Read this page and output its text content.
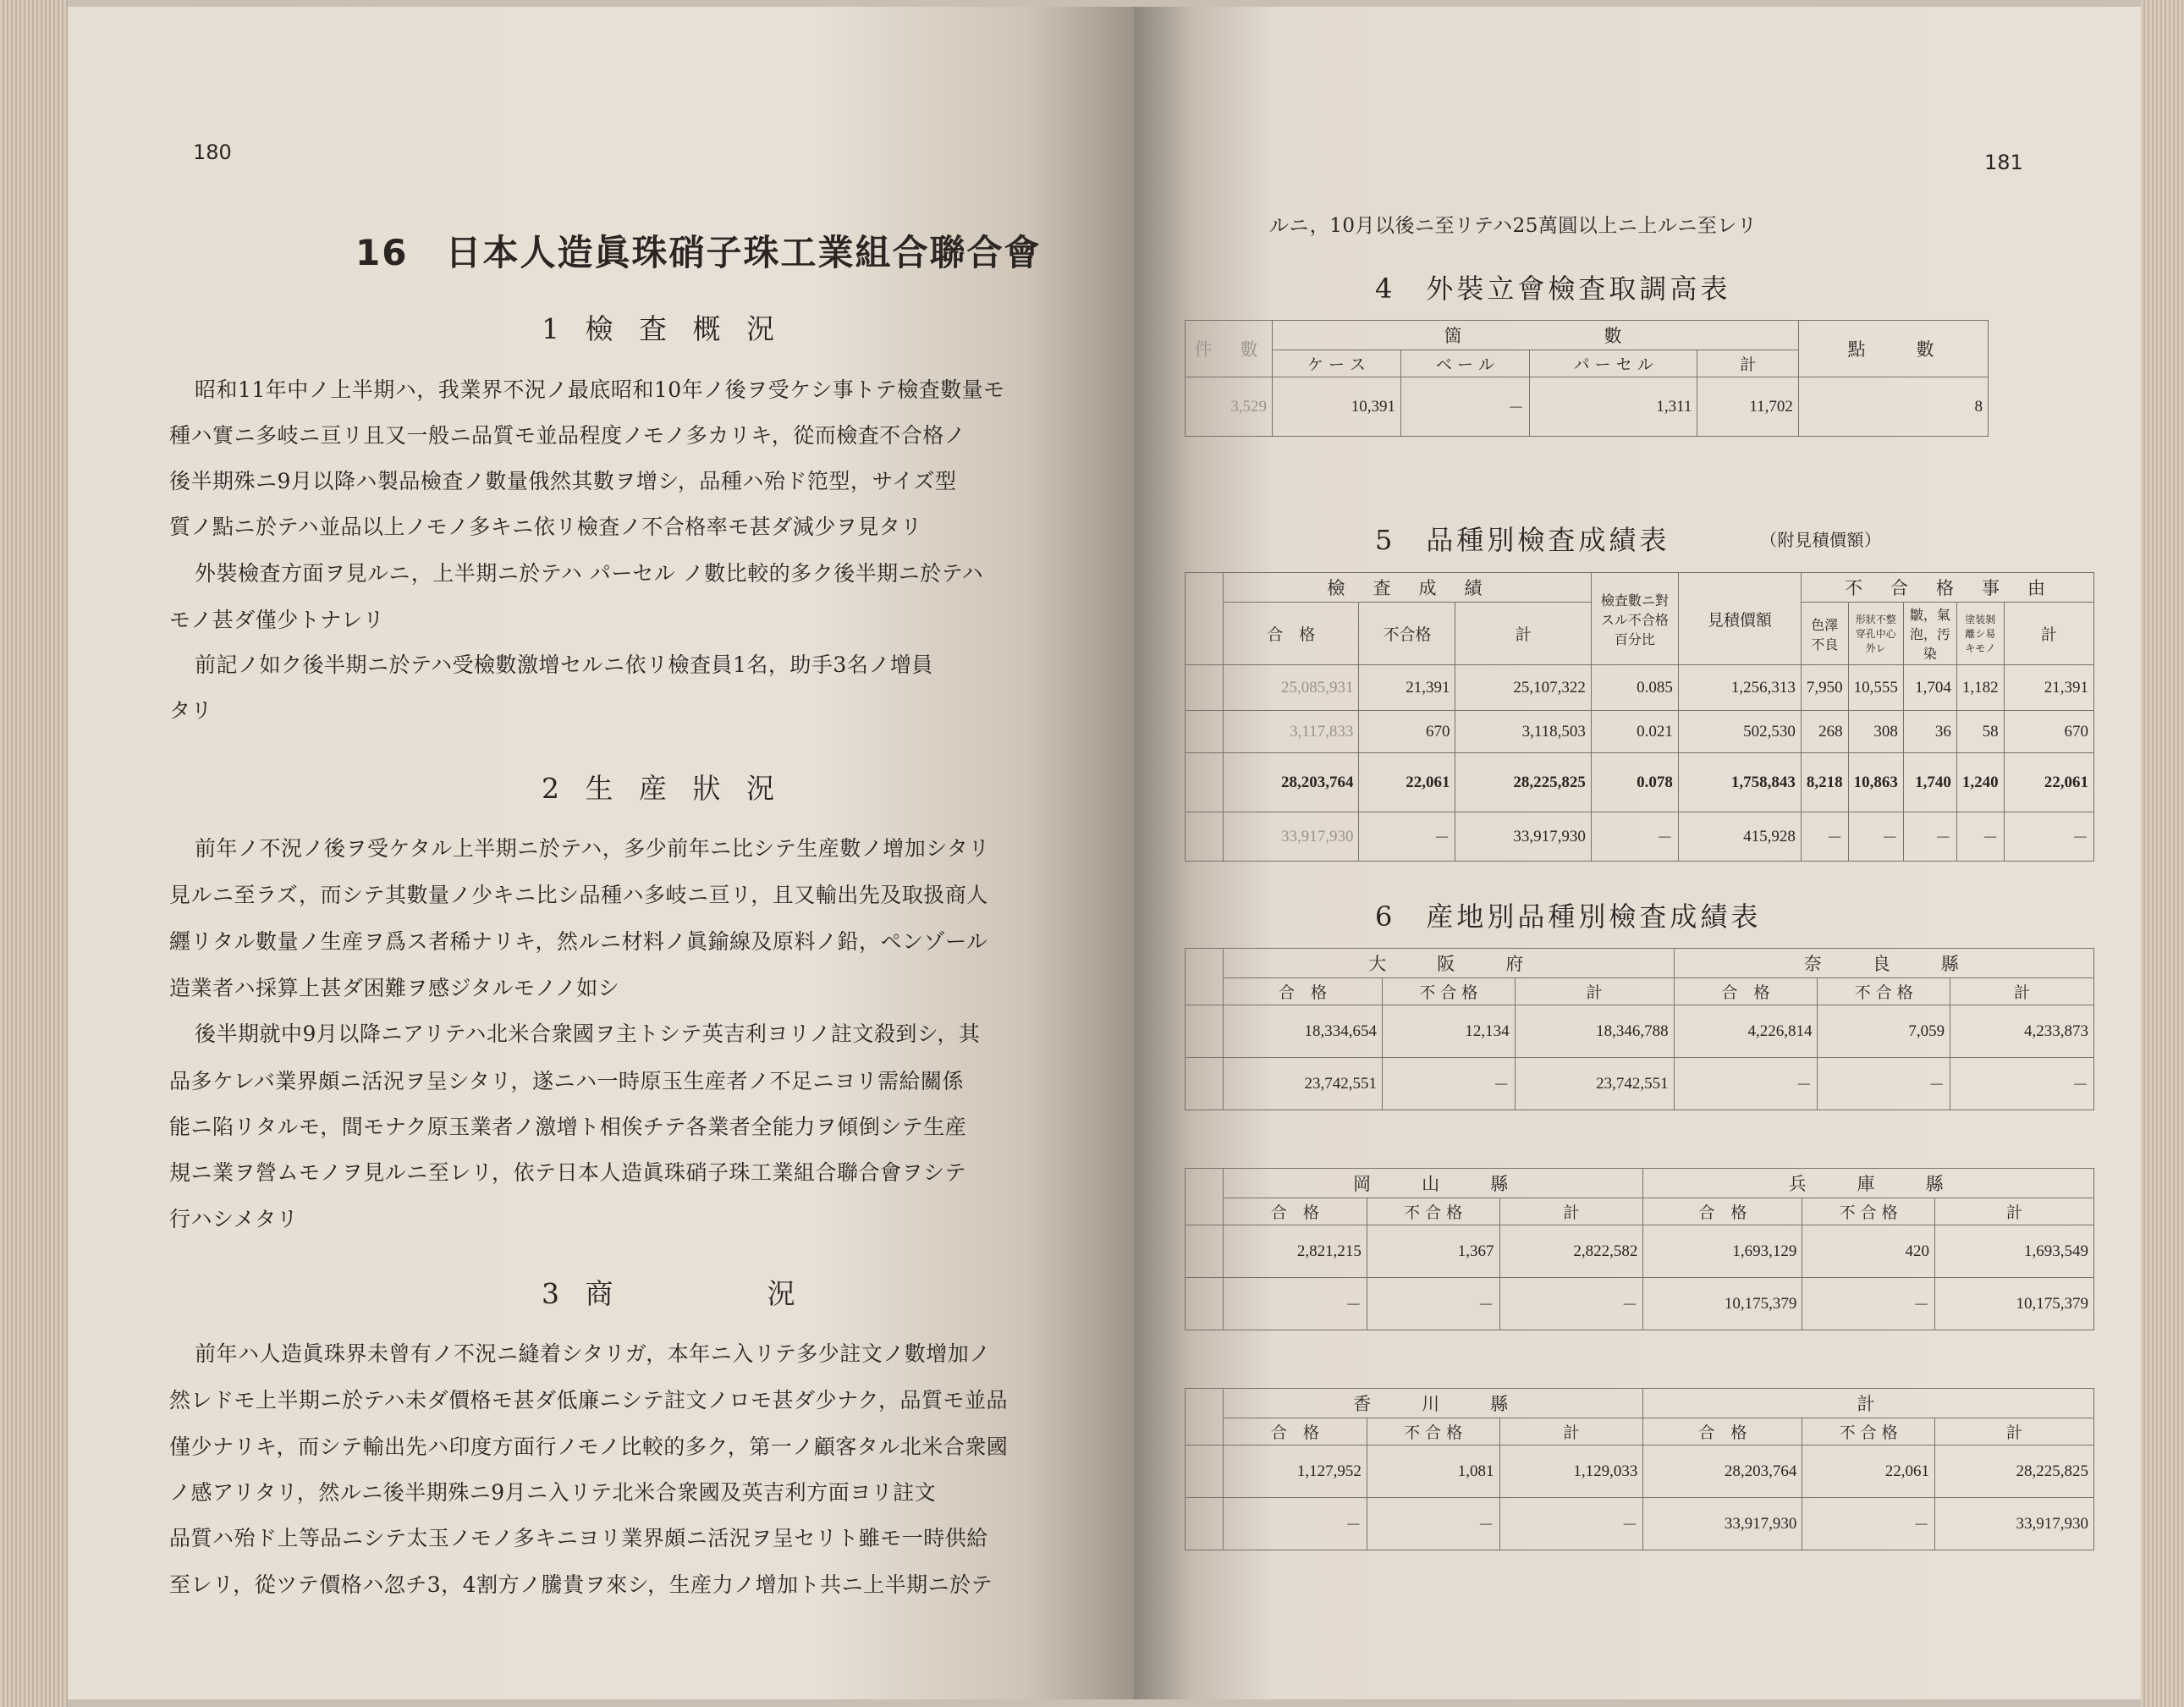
180
16　日本人造眞珠硝子珠工業組合聯合會
1 檢 査 概 況
昭和11年中ノ上半期ハ，我業界不況ノ最底昭和10年ノ後ヲ受ケシ事トテ檢査數量モ
種ハ實ニ多岐ニ亘リ且又一般ニ品質モ並品程度ノモノ多カリキ，從而檢査不合格ノ
後半期殊ニ9月以降ハ製品檢査ノ數量俄然其數ヲ增シ，品種ハ殆ド笵型，サイズ型
質ノ點ニ於テハ並品以上ノモノ多キニ依リ檢査ノ不合格率モ甚ダ減少ヲ見タリ
外裝檢査方面ヲ見ルニ，上半期ニ於テハ パーセル ノ數比較的多ク後半期ニ於テハ
モノ甚ダ僅少トナレリ
前記ノ如ク後半期ニ於テハ受檢數激增セルニ依リ檢査員1名，助手3名ノ增員
タリ
2 生 産 狀 況
前年ノ不況ノ後ヲ受ケタル上半期ニ於テハ，多少前年ニ比シテ生産數ノ增加シタリ
見ルニ至ラズ，而シテ其數量ノ少キニ比シ品種ハ多岐ニ亘リ，且又輸出先及取扱商人
纒リタル數量ノ生産ヲ爲ス者稀ナリキ，然ルニ材料ノ眞鍮線及原料ノ鉛，ペンゾール
造業者ハ採算上甚ダ困難ヲ感ジタルモノノ如シ
後半期就中9月以降ニアリテハ北米合衆國ヲ主トシテ英吉利ヨリノ註文殺到シ，其
品多ケレバ業界頗ニ活況ヲ呈シタリ，遂ニハ一時原玉生産者ノ不足ニヨリ需給關係
能ニ陷リタルモ，間モナク原玉業者ノ激增ト相俟チテ各業者全能力ヲ傾倒シテ生産
規ニ業ヲ營ムモノヲ見ルニ至レリ，依テ日本人造眞珠硝子珠工業組合聯合會ヲシテ
行ハシメタリ
3 商　　　　況
前年ハ人造眞珠界未曾有ノ不況ニ縫着シタリガ，本年ニ入リテ多少註文ノ數增加ノ
然レドモ上半期ニ於テハ未ダ價格モ甚ダ低廉ニシテ註文ノロモ甚ダ少ナク，品質モ並品
僅少ナリキ，而シテ輸出先ハ印度方面行ノモノ比較的多ク，第一ノ顧客タル北米合衆國
ノ感アリタリ，然ルニ後半期殊ニ9月ニ入リテ北米合衆國及英吉利方面ヨリ註文
品質ハ殆ド上等品ニシテ太玉ノモノ多キニヨリ業界頗ニ活況ヲ呈セリト雖モ一時供給
至レリ，從ツテ價格ハ忽チ3，4割方ノ騰貴ヲ來シ，生産力ノ增加ト共ニ上半期ニ於テ
181
ルニ，10月以後ニ至リテハ25萬圓以上ニ上ルニ至レリ
4　外裝立會檢査取調高表
件　數	箇　　　　　　數				點　　數
	ケ ー ス	ベ ー ル	パ ー セ ル	計	
3,529	10,391	－	1,311	11,702	8
5　品種別檢査成績表	（附見積價額）
	檢　査　成　績			檢査數ニ對スル不合格百分比	見積價額	不　合　格　事　由				
	合　格	不合格	計			色澤不良	形狀不整穿孔中心外レ	皺，氣泡，汚染	塗装剝離シ易キモノ	計
	25,085,931	21,391	25,107,322	0.085	1,256,313	7,950	10,555	1,704	1,182	21,391
	3,117,833	670	3,118,503	0.021	502,530	268	308	36	58	670
	28,203,764	22,061	28,225,825	0.078	1,758,843	8,218	10,863	1,740	1,240	22,061
	33,917,930	－	33,917,930	－	415,928	－	－	－	－	－
6　産地別品種別檢査成績表
	大　　阪　　府			奈　　良　　縣		
	合　格	不 合 格	計	合　格	不 合 格	計
	18,334,654	12,134	18,346,788	4,226,814	7,059	4,233,873
	23,742,551	－	23,742,551	－	－	－
	岡　　山　　縣			兵　　庫　　縣		
	合　格	不 合 格	計	合　格	不 合 格	計
	2,821,215	1,367	2,822,582	1,693,129	420	1,693,549
	－	－	－	10,175,379	－	10,175,379
	香　　川　　縣			計		
	合　格	不 合 格	計	合　格	不 合 格	計
	1,127,952	1,081	1,129,033	28,203,764	22,061	28,225,825
	－	－	－	33,917,930	－	33,917,930
